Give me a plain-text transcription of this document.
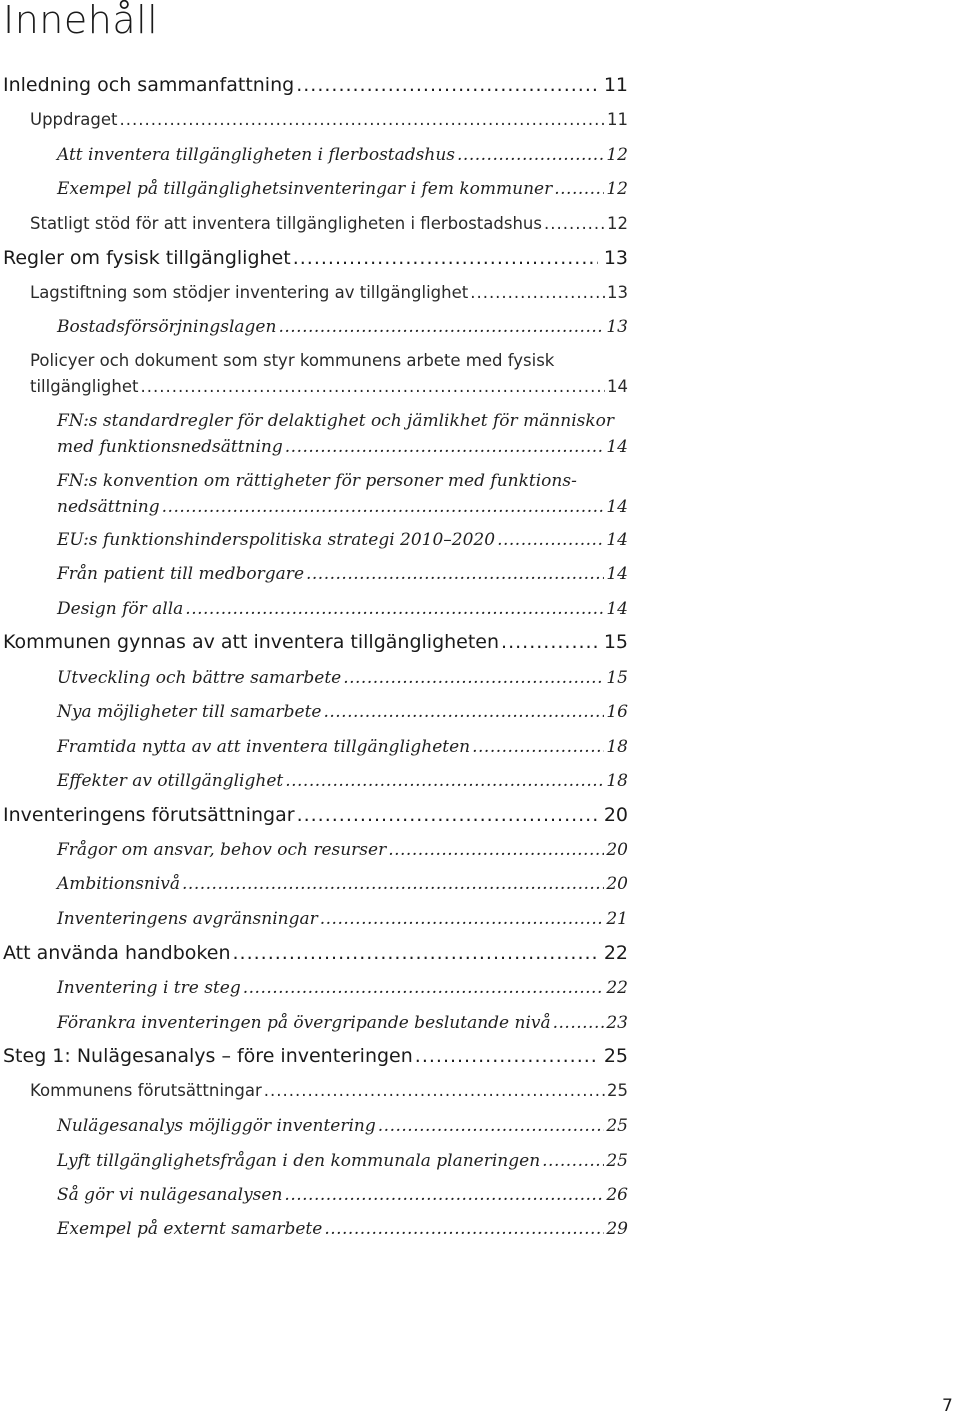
Innehåll
Inledning och sammanfattning .....	11
Uppdraget .....	11
Att inventera tillgängligheten i flerbostadshus .....	12
Exempel på tillgänglighetsinventeringar i fem kommuner .....	12
Statligt stöd för att inventera tillgängligheten i flerbostadshus .....	12
Regler om fysisk tillgänglighet .....	13
Lagstiftning som stödjer inventering av tillgänglighet .....	13
Bostadsförsörjningslagen .....	13
Policyer och dokument som styr kommunens arbete med fysisk
tillgänglighet .....	14
FN:s standardregler för delaktighet och jämlikhet för människor
med funktionsnedsättning .....	14
FN:s konvention om rättigheter för personer med funktions-
nedsättning .....	14
EU:s funktionshinderspolitiska strategi 2010–2020 .....	14
Från patient till medborgare .....	14
Design för alla .....	14
Kommunen gynnas av att inventera tillgängligheten .....	15
Utveckling och bättre samarbete .....	15
Nya möjligheter till samarbete .....	16
Framtida nytta av att inventera tillgängligheten .....	18
Effekter av otillgänglighet .....	18
Inventeringens förutsättningar .....	20
Frågor om ansvar, behov och resurser .....	20
Ambitionsnivå .....	20
Inventeringens avgränsningar .....	21
Att använda handboken .....	22
Inventering i tre steg .....	22
Förankra inventeringen på övergripande beslutande nivå .....	23
Steg 1: Nulägesanalys – före inventeringen .....	25
Kommunens förutsättningar .....	25
Nulägesanalys möjliggör inventering .....	25
Lyft tillgänglighetsfrågan i den kommunala planeringen .....	25
Så gör vi nulägesanalysen .....	26
Exempel på externt samarbete .....	29
7
